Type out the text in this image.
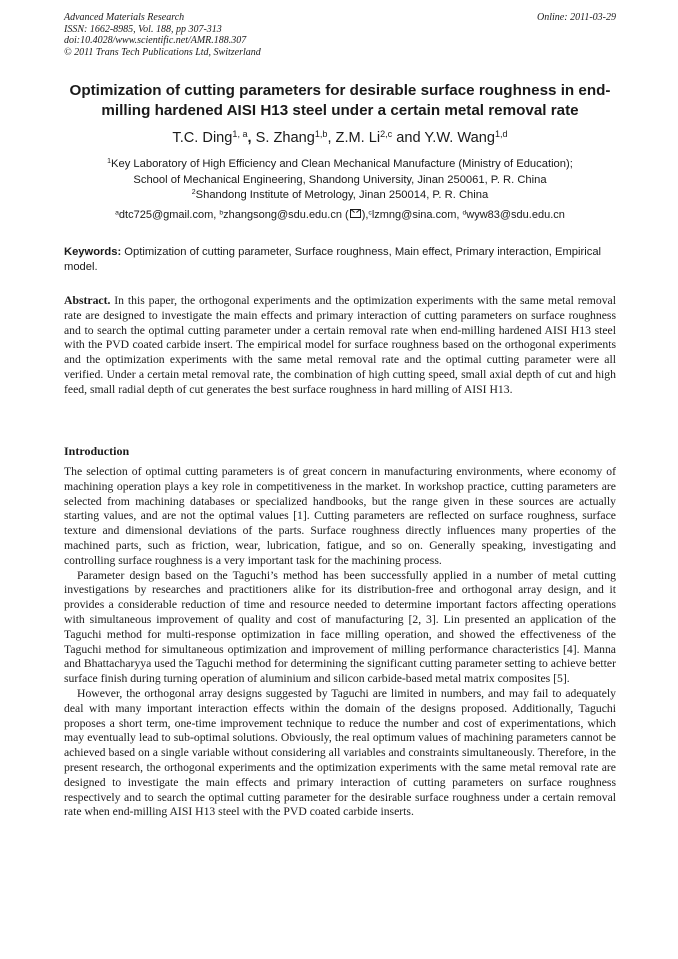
Advanced Materials Research
ISSN: 1662-8985, Vol. 188, pp 307-313
doi:10.4028/www.scientific.net/AMR.188.307
© 2011 Trans Tech Publications Ltd, Switzerland
Online: 2011-03-29
Optimization of cutting parameters for desirable surface roughness in end-milling hardened AISI H13 steel under a certain metal removal rate
T.C. Ding$^{1, a}$, S. Zhang$^{1,b}$, Z.M. Li$^{2,c}$ and Y.W. Wang$^{1,d}$
$^1$Key Laboratory of High Efficiency and Clean Mechanical Manufacture (Ministry of Education);
School of Mechanical Engineering, Shandong University, Jinan 250061, P. R. China
$^2$Shandong Institute of Metrology, Jinan 250014, P. R. China
$^a$dtc725@gmail.com, $^b$zhangsong@sdu.edu.cn ( ),$^c$lzmng@sina.com, $^d$wyw83@sdu.edu.cn
Keywords: Optimization of cutting parameter, Surface roughness, Main effect, Primary interaction, Empirical model.
Abstract. In this paper, the orthogonal experiments and the optimization experiments with the same metal removal rate are designed to investigate the main effects and primary interaction of cutting parameters on surface roughness and to search the optimal cutting parameter under a certain removal rate when end-milling hardened AISI H13 steel with the PVD coated carbide insert. The empirical model for surface roughness based on the orthogonal experiments and the optimization experiments with the same metal removal rate and the optimal cutting parameter were all verified. Under a certain metal removal rate, the combination of high cutting speed, small axial depth of cut and high feed, small radial depth of cut generates the best surface roughness in hard milling of AISI H13.
Introduction

The selection of optimal cutting parameters is of great concern in manufacturing environments, where economy of machining operation plays a key role in competitiveness in the market. In workshop practice, cutting parameters are selected from machining databases or specialized handbooks, but the range given in these sources are actually starting values, and are not the optimal values [1]. Cutting parameters are reflected on surface roughness, surface texture and dimensional deviations of the parts. Surface roughness directly influences many properties of the machined parts, such as friction, wear, lubrication, fatigue, and so on. Generally speaking, investigating and controlling surface roughness is a very important task for the machining process.

Parameter design based on the Taguchi’s method has been successfully applied in a number of metal cutting investigations by researches and practitioners alike for its distribution-free and orthogonal array design, and it provides a considerable reduction of time and resource needed to determine important factors affecting operations with simultaneous improvement of quality and cost of manufacturing [2, 3]. Lin presented an application of the Taguchi method for multi-response optimization in face milling operation, and showed the effectiveness of the Taguchi method for simultaneous optimization and improvement of milling performance characteristics [4]. Manna and Bhattacharyya used the Taguchi method for determining the significant cutting parameter setting to achieve better surface finish during turning operation of aluminium and silicon carbide-based metal matrix composites [5].

However, the orthogonal array designs suggested by Taguchi are limited in numbers, and may fail to adequately deal with many important interaction effects within the domain of the designs proposed. Additionally, Taguchi proposes a short term, one-time improvement technique to reduce the number and cost of experimentations, which may eventually lead to sub-optimal solutions. Obviously, the real optimum values of machining parameters cannot be achieved based on a single variable without considering all variables and constraints simultaneously. Therefore, in the present research, the orthogonal experiments and the optimization experiments with the same metal removal rate are designed to investigate the main effects and primary interaction of cutting parameters on surface roughness respectively and to search the optimal cutting parameter for the desirable surface roughness under a certain removal rate when end-milling AISI H13 steel with the PVD coated carbide inserts.
